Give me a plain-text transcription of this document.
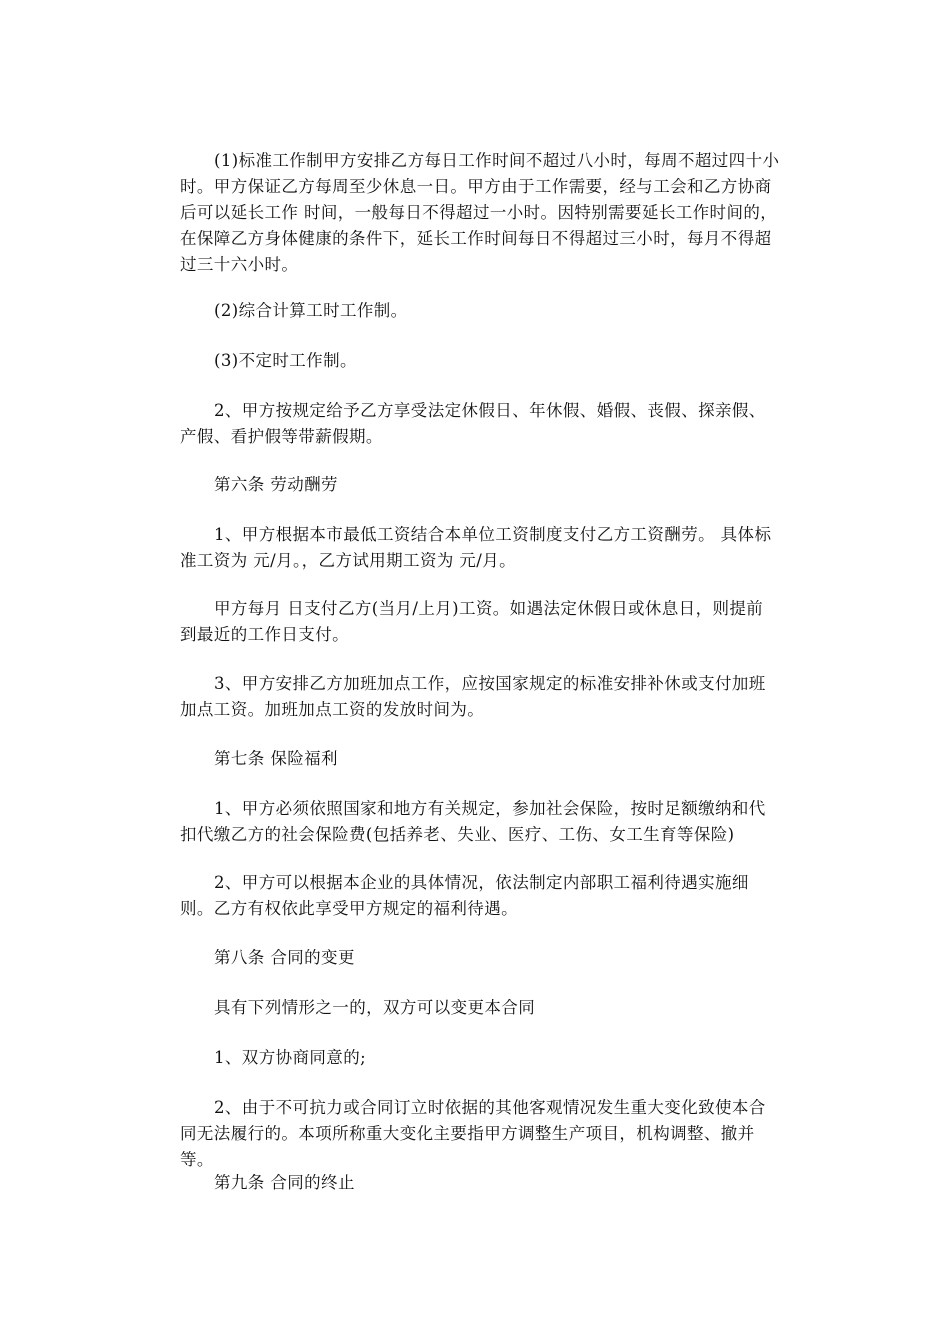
(1)标准工作制甲方安排乙方每日工作时间不超过八小时，每周不超过四十小时。甲方保证乙方每周至少休息一日。甲方由于工作需要，经与工会和乙方协商后可以延长工作 时间，一般每日不得超过一小时。因特别需要延长工作时间的，在保障乙方身体健康的条件下，延长工作时间每日不得超过三小时，每月不得超过三十六小时。

(2)综合计算工时工作制。

(3)不定时工作制。

2、甲方按规定给予乙方享受法定休假日、年休假、婚假、丧假、探亲假、产假、看护假等带薪假期。

第六条 劳动酬劳

1、甲方根据本市最低工资结合本单位工资制度支付乙方工资酬劳。 具体标准工资为 元/月。，乙方试用期工资为 元/月。

甲方每月 日支付乙方(当月/上月)工资。如遇法定休假日或休息日，则提前到最近的工作日支付。

3、甲方安排乙方加班加点工作，应按国家规定的标准安排补休或支付加班加点工资。加班加点工资的发放时间为。

第七条 保险福利

1、甲方必须依照国家和地方有关规定，参加社会保险，按时足额缴纳和代扣代缴乙方的社会保险费(包括养老、失业、医疗、工伤、女工生育等保险)

2、甲方可以根据本企业的具体情况，依法制定内部职工福利待遇实施细则。乙方有权依此享受甲方规定的福利待遇。

第八条 合同的变更

具有下列情形之一的，双方可以变更本合同

1、双方协商同意的;

2、由于不可抗力或合同订立时依据的其他客观情况发生重大变化致使本合同无法履行的。本项所称重大变化主要指甲方调整生产项目，机构调整、撤并等。

第九条 合同的终止
